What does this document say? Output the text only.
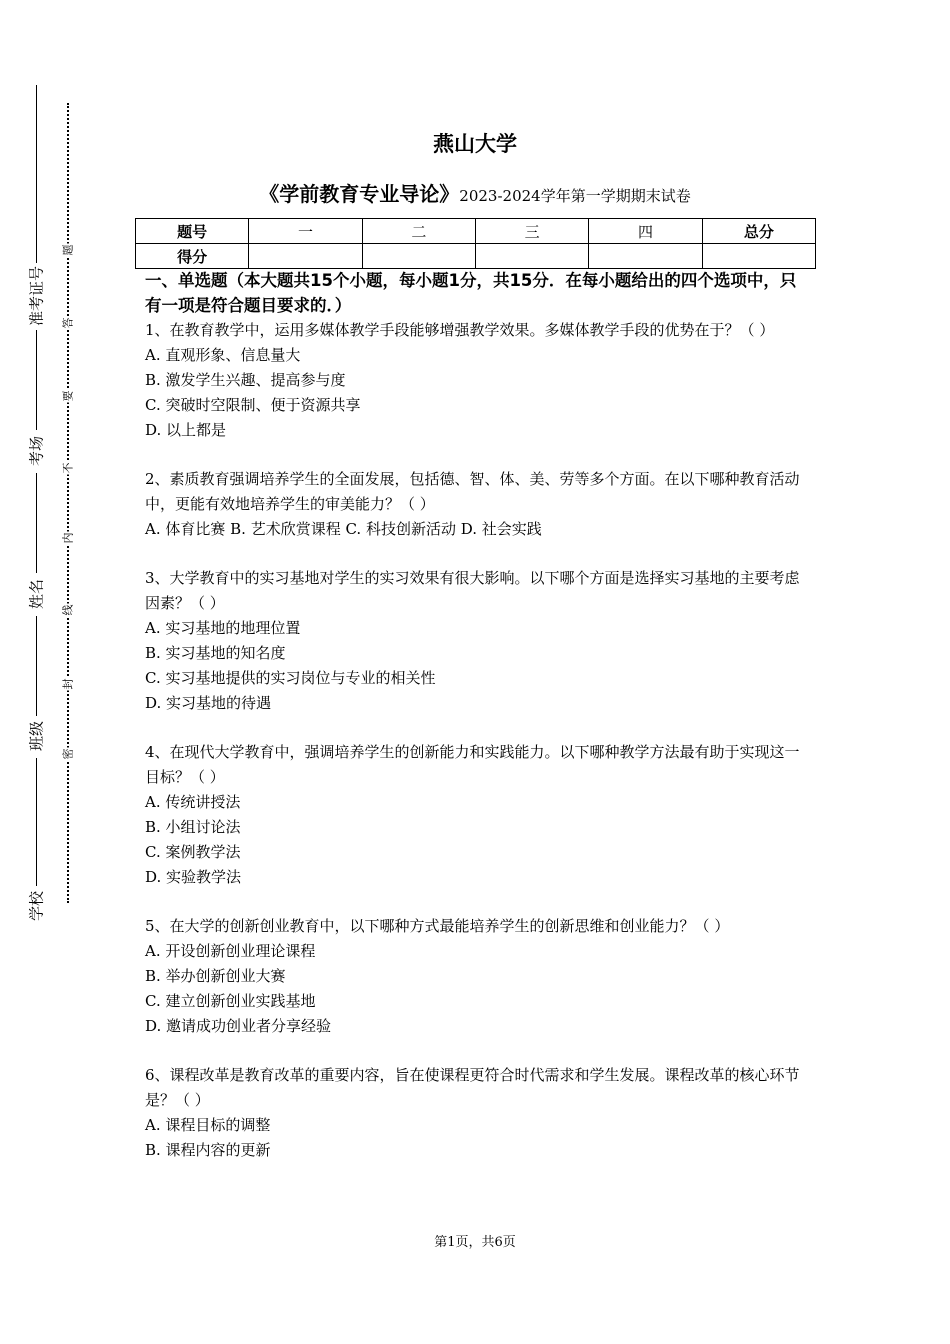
准考证号
考场
姓名
班级
学校
题
答
要
不
内
线
封
密
燕山大学
《学前教育专业导论》2023-2024学年第一学期期末试卷
题号	一	二	三	四	总分
得分					
一、单选题（本大题共15个小题，每小题1分，共15分．在每小题给出的四个选项中，只有一项是符合题目要求的．）
1、在教育教学中，运用多媒体教学手段能够增强教学效果。多媒体教学手段的优势在于？（ ）
A. 直观形象、信息量大
B. 激发学生兴趣、提高参与度
C. 突破时空限制、便于资源共享
D. 以上都是
2、素质教育强调培养学生的全面发展，包括德、智、体、美、劳等多个方面。在以下哪种教育活动中，更能有效地培养学生的审美能力？（ ）
A. 体育比赛 B. 艺术欣赏课程 C. 科技创新活动 D. 社会实践
3、大学教育中的实习基地对学生的实习效果有很大影响。以下哪个方面是选择实习基地的主要考虑因素？（ ）
A. 实习基地的地理位置
B. 实习基地的知名度
C. 实习基地提供的实习岗位与专业的相关性
D. 实习基地的待遇
4、在现代大学教育中，强调培养学生的创新能力和实践能力。以下哪种教学方法最有助于实现这一目标？（ ）
A. 传统讲授法
B. 小组讨论法
C. 案例教学法
D. 实验教学法
5、在大学的创新创业教育中，以下哪种方式最能培养学生的创新思维和创业能力？（ ）
A. 开设创新创业理论课程
B. 举办创新创业大赛
C. 建立创新创业实践基地
D. 邀请成功创业者分享经验
6、课程改革是教育改革的重要内容，旨在使课程更符合时代需求和学生发展。课程改革的核心环节是？（ ）
A. 课程目标的调整
B. 课程内容的更新
第1页，共6页
